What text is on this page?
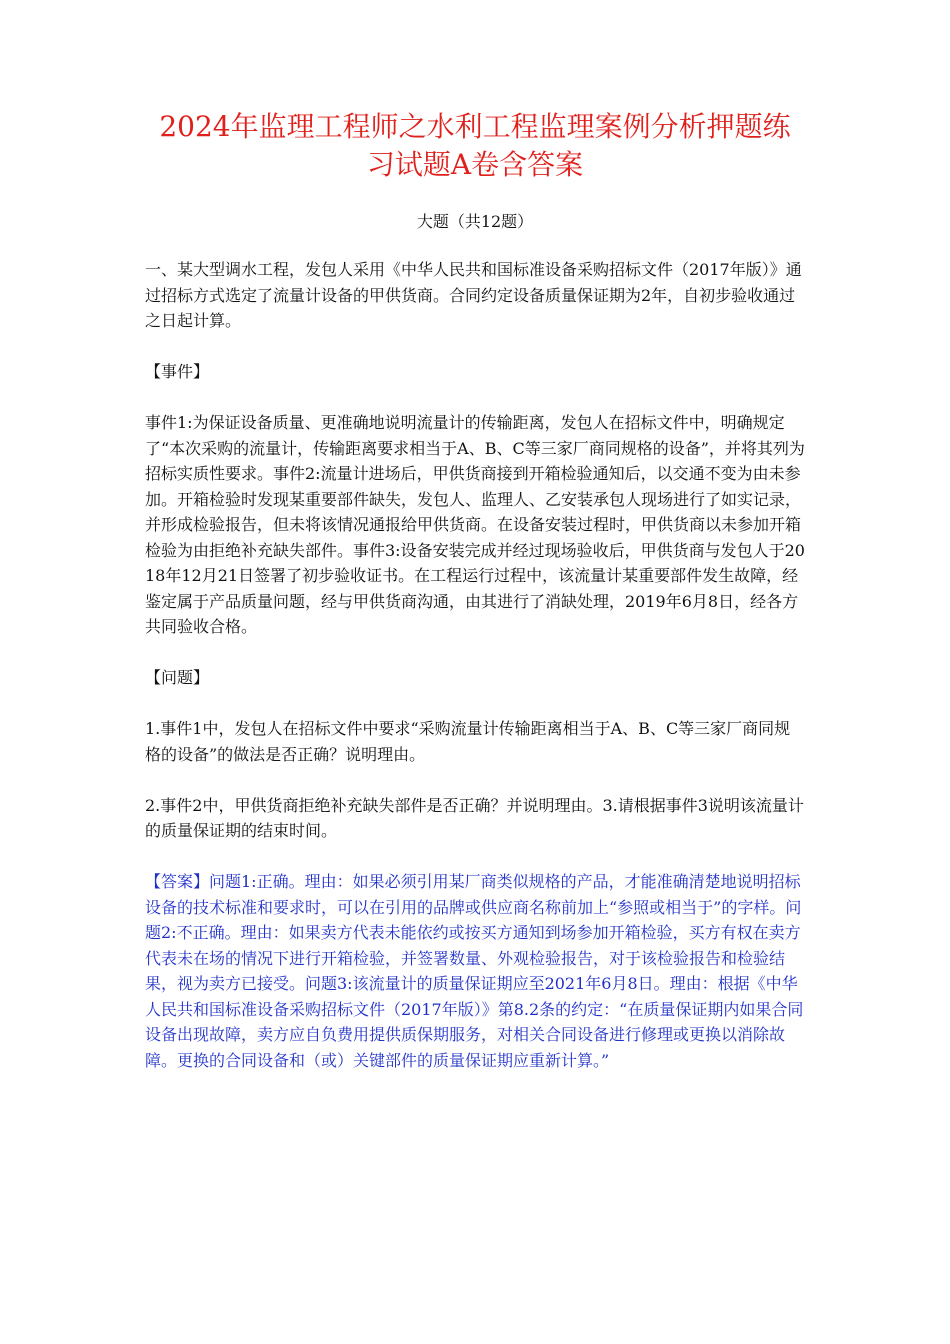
2024年监理工程师之水利工程监理案例分析押题练
习试题A卷含答案
大题（共12题）

一、某大型调水工程，发包人采用《中华人民共和国标准设备采购招标文件（2017年版）》通过招标方式选定了流量计设备的甲供货商。合同约定设备质量保证期为2年，自初步验收通过之日起计算。

【事件】

事件1:为保证设备质量、更准确地说明流量计的传输距离，发包人在招标文件中，明确规定了“本次采购的流量计，传输距离要求相当于A、B、C等三家厂商同规格的设备”，并将其列为招标实质性要求。事件2:流量计进场后，甲供货商接到开箱检验通知后，以交通不变为由未参加。开箱检验时发现某重要部件缺失，发包人、监理人、乙安装承包人现场进行了如实记录，并形成检验报告，但未将该情况通报给甲供货商。在设备安装过程时，甲供货商以未参加开箱检验为由拒绝补充缺失部件。事件3:设备安装完成并经过现场验收后，甲供货商与发包人于2018年12月21日签署了初步验收证书。在工程运行过程中，该流量计某重要部件发生故障，经鉴定属于产品质量问题，经与甲供货商沟通，由其进行了消缺处理，2019年6月8日，经各方共同验收合格。

【问题】

1.事件1中，发包人在招标文件中要求“采购流量计传输距离相当于A、B、C等三家厂商同规格的设备”的做法是否正确？说明理由。

2.事件2中，甲供货商拒绝补充缺失部件是否正确？并说明理由。3.请根据事件3说明该流量计的质量保证期的结束时间。

【答案】问题1:正确。理由：如果必须引用某厂商类似规格的产品，才能准确清楚地说明招标设备的技术标准和要求时，可以在引用的品牌或供应商名称前加上“参照或相当于”的字样。问题2:不正确。理由：如果卖方代表未能依约或按买方通知到场参加开箱检验，买方有权在卖方代表未在场的情况下进行开箱检验，并签署数量、外观检验报告，对于该检验报告和检验结果，视为卖方已接受。问题3:该流量计的质量保证期应至2021年6月8日。理由：根据《中华人民共和国标准设备采购招标文件（2017年版）》第8.2条的约定：“在质量保证期内如果合同设备出现故障，卖方应自负费用提供质保期服务，对相关合同设备进行修理或更换以消除故障。更换的合同设备和（或）关键部件的质量保证期应重新计算。”
